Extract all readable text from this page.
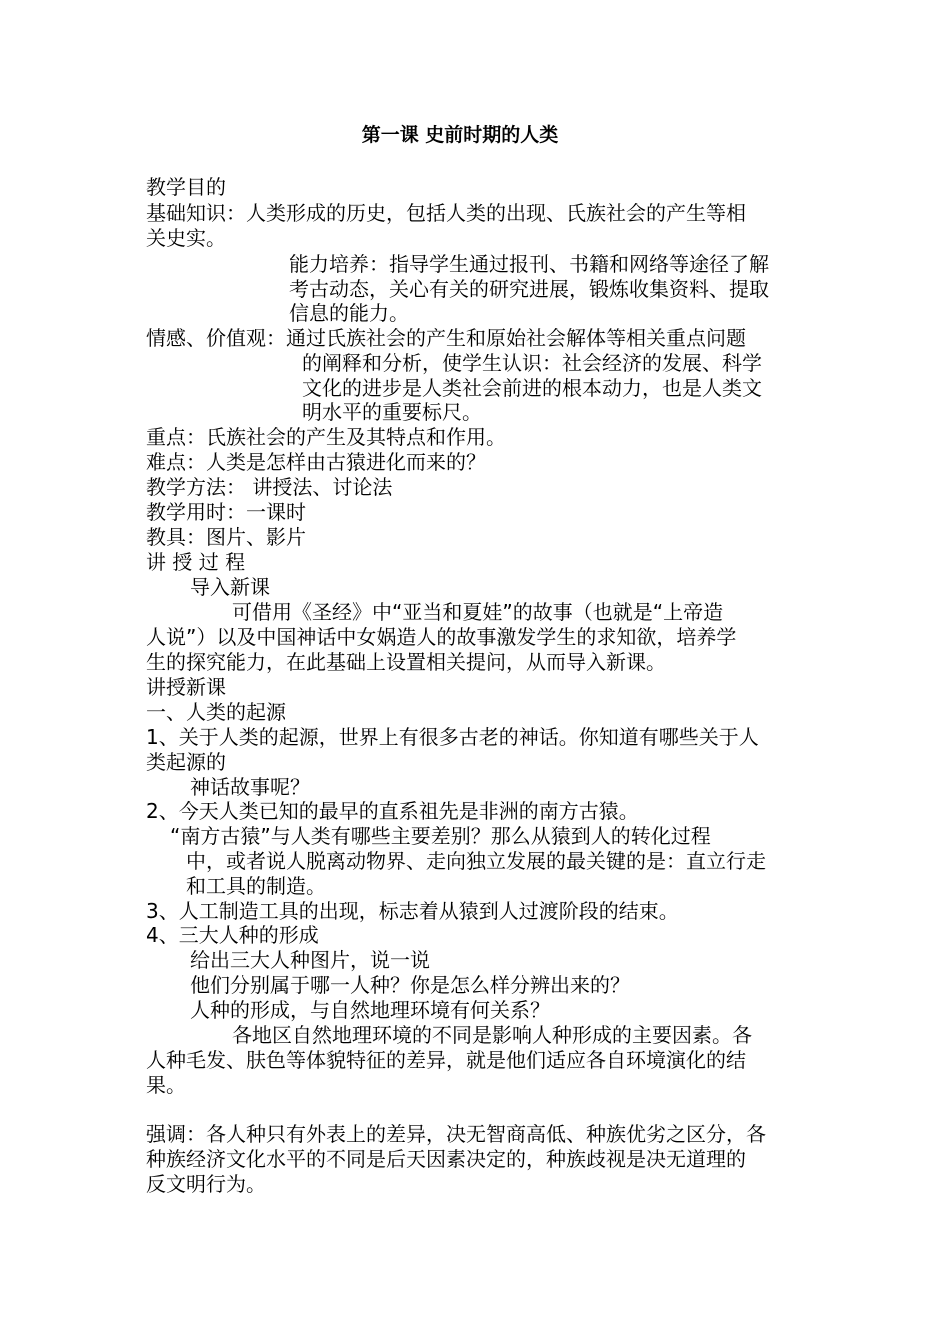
第一课 史前时期的人类
教学目的
基础知识：人类形成的历史，包括人类的出现、氏族社会的产生等相
关史实。
能力培养：指导学生通过报刊、书籍和网络等途径了解
考古动态，关心有关的研究进展，锻炼收集资料、提取
信息的能力。
情感、价值观：通过氏族社会的产生和原始社会解体等相关重点问题
的阐释和分析，使学生认识：社会经济的发展、科学
文化的进步是人类社会前进的根本动力，也是人类文
明水平的重要标尺。
重点：氏族社会的产生及其特点和作用。
难点：人类是怎样由古猿进化而来的？
教学方法： 讲授法、讨论法
教学用时：一课时
教具：图片、影片
讲 授 过 程
导入新课
可借用《圣经》中“亚当和夏娃”的故事（也就是“上帝造
人说”）以及中国神话中女娲造人的故事激发学生的求知欲，培养学
生的探究能力，在此基础上设置相关提问，从而导入新课。
讲授新课
一、人类的起源
1、关于人类的起源，世界上有很多古老的神话。你知道有哪些关于人
类起源的
神话故事呢？
2、今天人类已知的最早的直系祖先是非洲的南方古猿。
“南方古猿”与人类有哪些主要差别？那么从猿到人的转化过程
中，或者说人脱离动物界、走向独立发展的最关键的是：直立行走
和工具的制造。
3、人工制造工具的出现，标志着从猿到人过渡阶段的结束。
4、三大人种的形成
给出三大人种图片，说一说
他们分别属于哪一人种？你是怎么样分辨出来的？
人种的形成，与自然地理环境有何关系？
各地区自然地理环境的不同是影响人种形成的主要因素。各
人种毛发、肤色等体貌特征的差异，就是他们适应各自环境演化的结
果。
强调：各人种只有外表上的差异，决无智商高低、种族优劣之区分，各
种族经济文化水平的不同是后天因素决定的，种族歧视是决无道理的
反文明行为。
